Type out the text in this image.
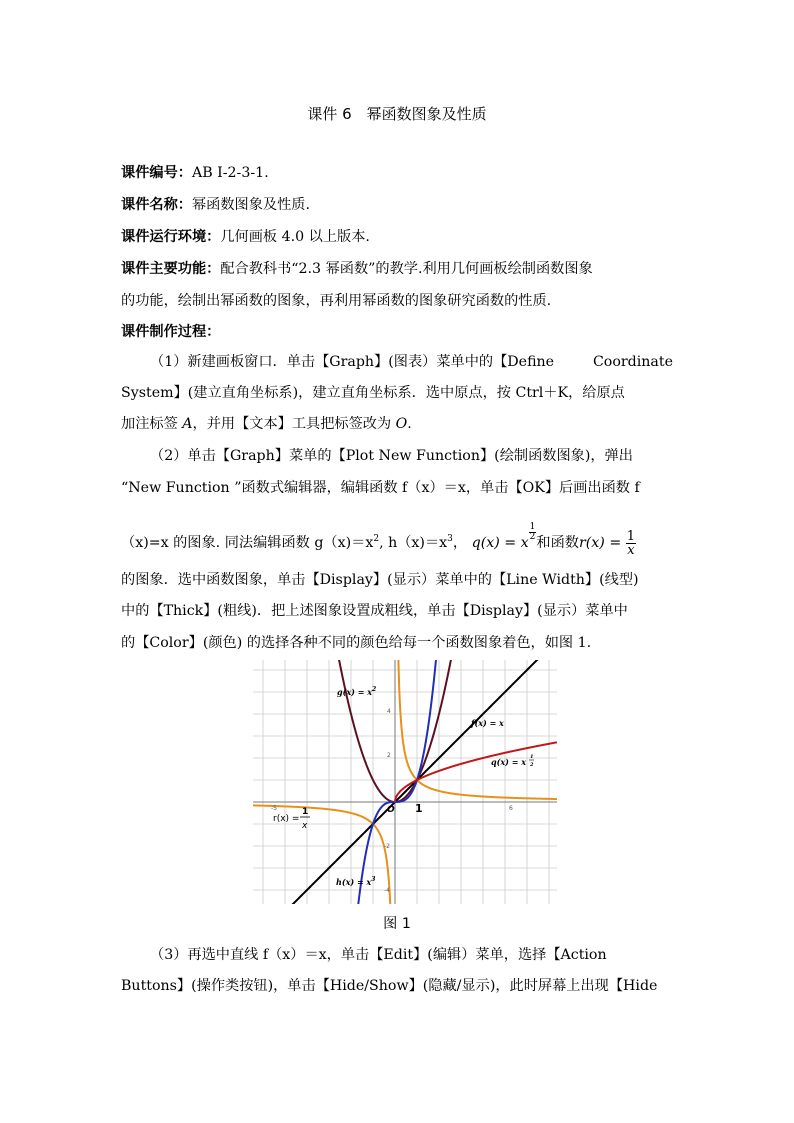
课件 6　幂函数图象及性质
课件编号：AB Ⅰ-2-3-1.
课件名称：幂函数图象及性质.
课件运行环境：几何画板 4.0 以上版本.
课件主要功能：配合教科书“2.3 幂函数”的教学.利用几何画板绘制函数图象
的功能，绘制出幂函数的图象，再利用幂函数的图象研究函数的性质.
课件制作过程：
（1）新建画板窗口．单击【Graph】(图表）菜单中的【Define	Coordinate
System】(建立直角坐标系)，建立直角坐标系．选中原点，按 Ctrl＋K，给原点
加注标签 A，并用【文本】工具把标签改为 O.
（2）单击【Graph】菜单的【Plot New Function】(绘制函数图象)，弹出
“New Function ”函数式编辑器，编辑函数 f（x）＝x，单击【OK】后画出函数 f
（x)=x 的图象. 同法编辑函数 $g(x)=x^2$, $h(x)=x^3$， q(x) = x
$^{\frac{1}{2}}$
和函数$r(x) = \frac{1}{x}$
的图象．选中函数图象，单击【Display】(显示）菜单中的【Line Width】(线型)
中的【Thick】(粗线)．把上述图象设置成粗线，单击【Display】(显示）菜单中
的【Color】(颜色) 的选择各种不同的颜色给每一个函数图象着色，如图 1.
O 1
-5	6
2
4
-2
-4
$g(x) = x^2$
f(x) = x
q(x) = x 1
2
$h(x) = x^3$
r(x) =
1
x
图 1
（3）再选中直线 f（x）＝x，单击【Edit】(编辑）菜单，选择【Action
Buttons】(操作类按钮)，单击【Hide/Show】(隐藏/显示)，此时屏幕上出现【Hide
